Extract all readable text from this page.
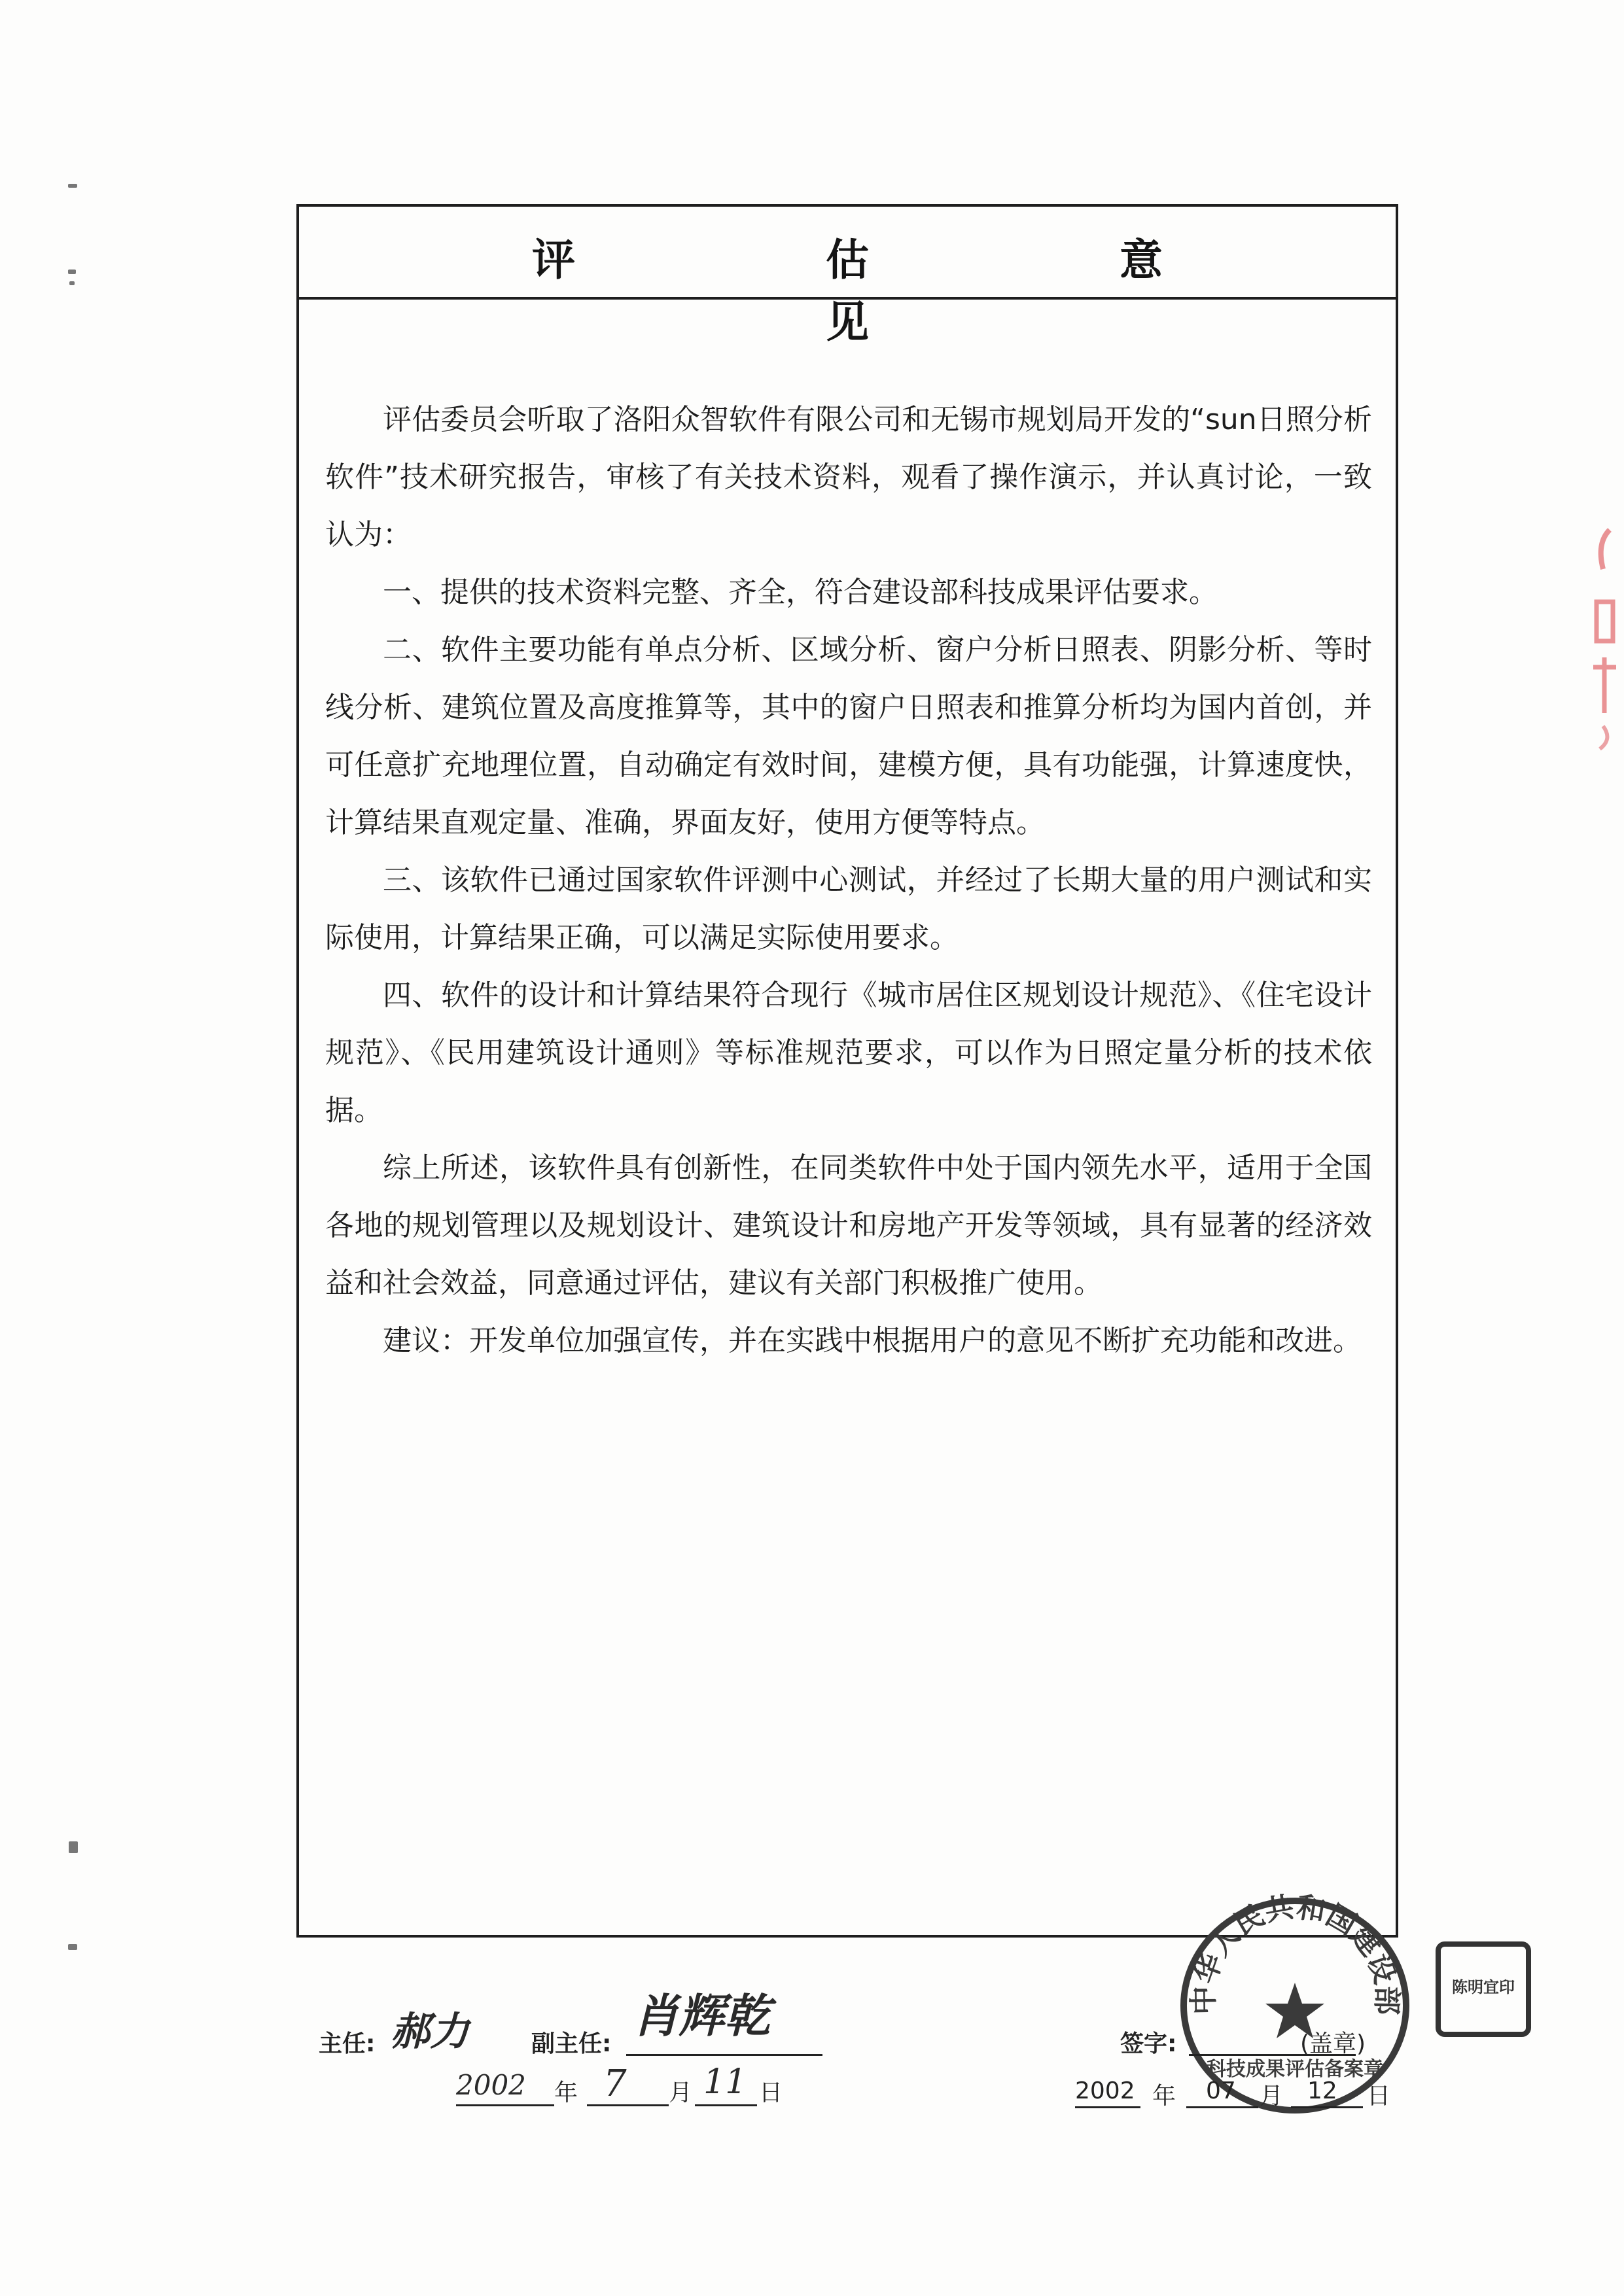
评 估 意 见

评估委员会听取了洛阳众智软件有限公司和无锡市规划局开发的“sun日照分析软件”技术研究报告，审核了有关技术资料，观看了操作演示，并认真讨论，一致认为：

一、提供的技术资料完整、齐全，符合建设部科技成果评估要求。

二、软件主要功能有单点分析、区域分析、窗户分析日照表、阴影分析、等时线分析、建筑位置及高度推算等，其中的窗户日照表和推算分析均为国内首创，并可任意扩充地理位置，自动确定有效时间，建模方便，具有功能强，计算速度快，计算结果直观定量、准确，界面友好，使用方便等特点。

三、该软件已通过国家软件评测中心测试，并经过了长期大量的用户测试和实际使用，计算结果正确，可以满足实际使用要求。

四、软件的设计和计算结果符合现行《城市居住区规划设计规范》、《住宅设计规范》、《民用建筑设计通则》等标准规范要求，可以作为日照定量分析的技术依据。

综上所述，该软件具有创新性，在同类软件中处于国内领先水平，适用于全国各地的规划管理以及规划设计、建筑设计和房地产开发等领域，具有显著的经济效益和社会效益，同意通过评估，建议有关部门积极推广使用。

建议：开发单位加强宣传，并在实践中根据用户的意见不断扩充功能和改进。

中华人民共和国建设部
科技成果评估备案章
陈明宜印
主任: 郝力	副主任:
肖辉乾
签字:	(盖章)
2002 年 7 月 11 日	2002 年 07 月 12 日
